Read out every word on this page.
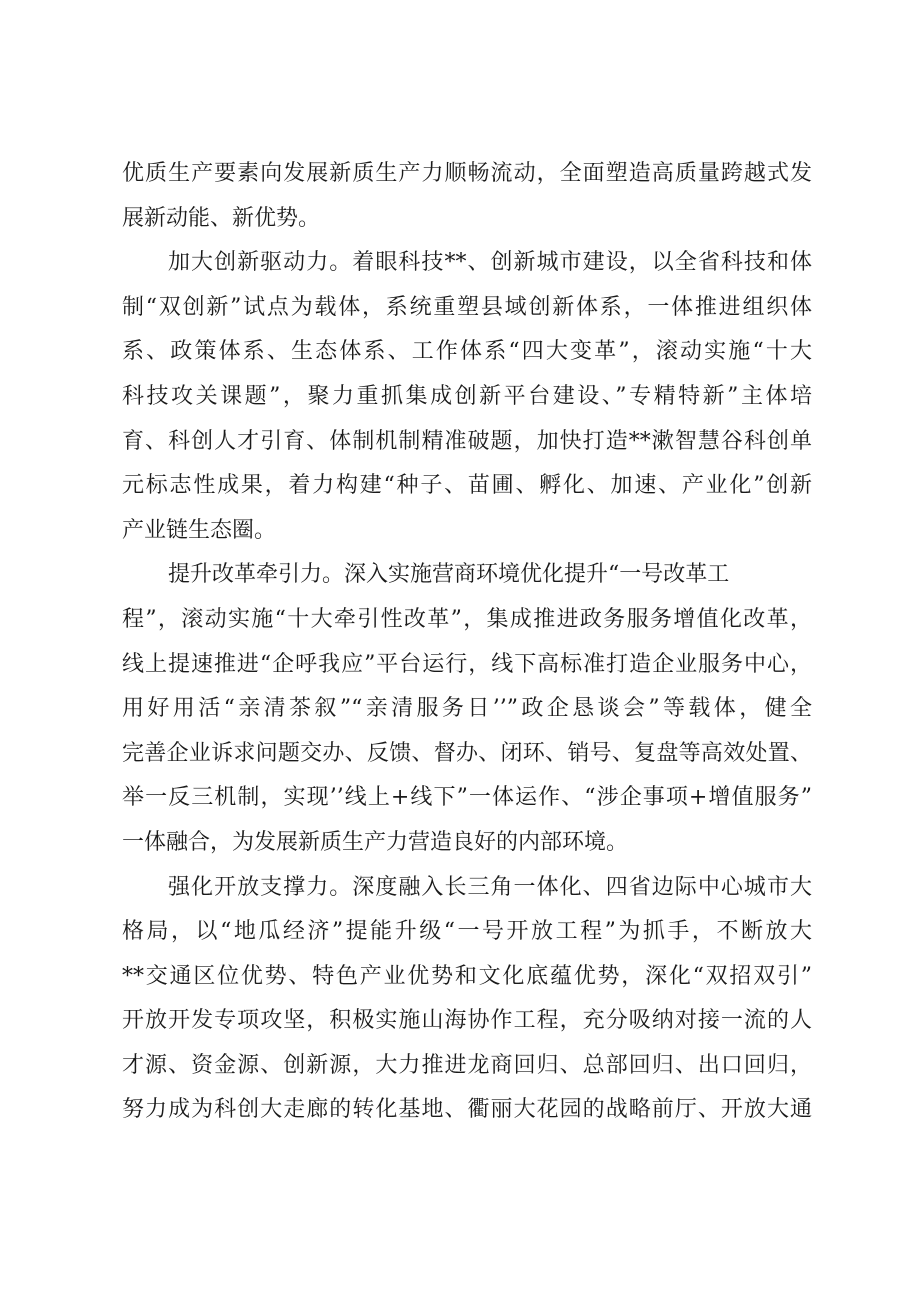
优质生产要素向发展新质生产力顺畅流动，全面塑造高质量跨越式发
展新动能、新优势。
加大创新驱动力。着眼科技**、创新城市建设，以全省科技和体
制“双创新”试点为载体，系统重塑县域创新体系，一体推进组织体
系、政策体系、生态体系、工作体系“四大变革”，滚动实施“十大
科技攻关课题”，聚力重抓集成创新平台建设、”专精特新”主体培
育、科创人才引育、体制机制精准破题，加快打造**漱智慧谷科创单
元标志性成果，着力构建“种子、苗圃、孵化、加速、产业化”创新
产业链生态圈。
提升改革牵引力。深入实施营商环境优化提升“一号改革工
程”，滚动实施“十大牵引性改革”，集成推进政务服务增值化改革，
线上提速推进“企呼我应”平台运行，线下高标准打造企业服务中心，
用好用活“亲清茶叙”“亲清服务日’’”政企恳谈会”等载体，健全
完善企业诉求问题交办、反馈、督办、闭环、销号、复盘等高效处置、
举一反三机制，实现’’线上+线下”一体运作、“涉企事项+增值服务”
一体融合，为发展新质生产力营造良好的内部环境。
强化开放支撑力。深度融入长三角一体化、四省边际中心城市大
格局，以“地瓜经济”提能升级“一号开放工程”为抓手，不断放大
**交通区位优势、特色产业优势和文化底蕴优势，深化“双招双引”
开放开发专项攻坚，积极实施山海协作工程，充分吸纳对接一流的人
才源、资金源、创新源，大力推进龙商回归、总部回归、出口回归，
努力成为科创大走廊的转化基地、衢丽大花园的战略前厅、开放大通
